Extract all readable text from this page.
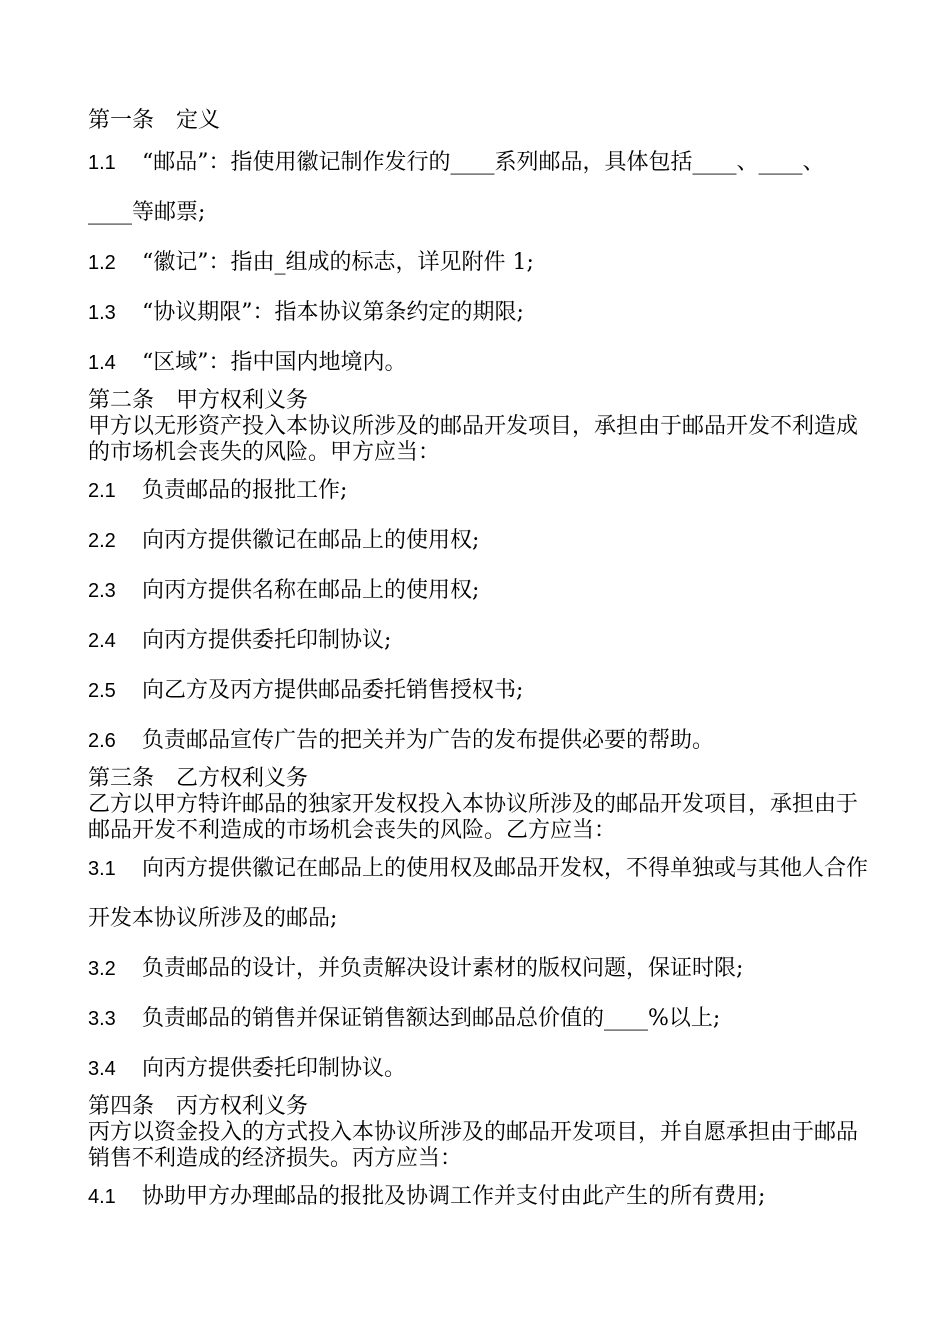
第一条　定义

1.1 “邮品”：指使用徽记制作发行的____系列邮品，具体包括____、____、____等邮票;

1.2 “徽记”：指由_组成的标志，详见附件 1;

1.3 “协议期限”：指本协议第条约定的期限;

1.4 “区域”：指中国内地境内。

第二条　甲方权利义务

甲方以无形资产投入本协议所涉及的邮品开发项目，承担由于邮品开发不利造成的市场机会丧失的风险。甲方应当：

2.1 负责邮品的报批工作;

2.2 向丙方提供徽记在邮品上的使用权;

2.3 向丙方提供名称在邮品上的使用权;

2.4 向丙方提供委托印制协议;

2.5 向乙方及丙方提供邮品委托销售授权书;

2.6 负责邮品宣传广告的把关并为广告的发布提供必要的帮助。

第三条　乙方权利义务

乙方以甲方特许邮品的独家开发权投入本协议所涉及的邮品开发项目，承担由于邮品开发不利造成的市场机会丧失的风险。乙方应当：

3.1 向丙方提供徽记在邮品上的使用权及邮品开发权，不得单独或与其他人合作开发本协议所涉及的邮品;

3.2 负责邮品的设计，并负责解决设计素材的版权问题，保证时限;

3.3 负责邮品的销售并保证销售额达到邮品总价值的____%以上;

3.4 向丙方提供委托印制协议。

第四条　丙方权利义务

丙方以资金投入的方式投入本协议所涉及的邮品开发项目，并自愿承担由于邮品销售不利造成的经济损失。丙方应当：

4.1 协助甲方办理邮品的报批及协调工作并支付由此产生的所有费用;
